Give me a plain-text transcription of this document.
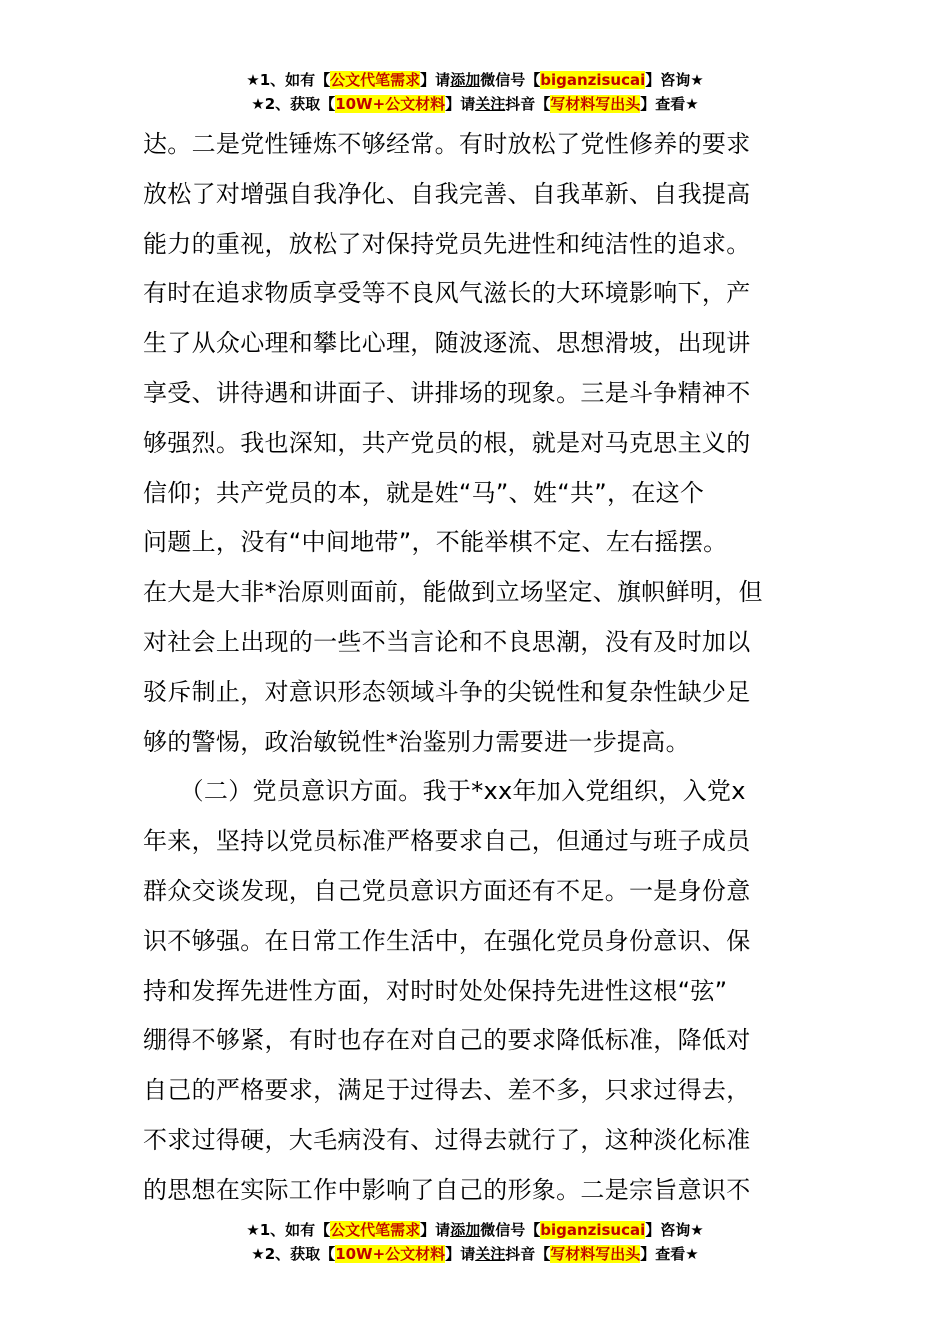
★1、如有【公文代笔需求】请添加微信号【biganzisucai】咨询★
★2、获取【10W+公文材料】请关注抖音【写材料写出头】查看★
达。二是党性锤炼不够经常。有时放松了党性修养的要求
放松了对增强自我净化、自我完善、自我革新、自我提高
能力的重视，放松了对保持党员先进性和纯洁性的追求。
有时在追求物质享受等不良风气滋长的大环境影响下，产
生了从众心理和攀比心理，随波逐流、思想滑坡，出现讲
享受、讲待遇和讲面子、讲排场的现象。三是斗争精神不
够强烈。我也深知，共产党员的根，就是对马克思主义的
信仰；共产党员的本，就是姓“马”、姓“共”，在这个
问题上，没有“中间地带”，不能举棋不定、左右摇摆。
在大是大非*治原则面前，能做到立场坚定、旗帜鲜明，但
对社会上出现的一些不当言论和不良思潮，没有及时加以
驳斥制止，对意识形态领域斗争的尖锐性和复杂性缺少足
够的警惕，政治敏锐性*治鉴别力需要进一步提高。
　　（二）党员意识方面。我于*xx年加入党组织，入党x
年来，坚持以党员标准严格要求自己，但通过与班子成员
群众交谈发现，自己党员意识方面还有不足。一是身份意
识不够强。在日常工作生活中，在强化党员身份意识、保
持和发挥先进性方面，对时时处处保持先进性这根“弦”
绷得不够紧，有时也存在对自己的要求降低标准，降低对
自己的严格要求，满足于过得去、差不多，只求过得去，
不求过得硬，大毛病没有、过得去就行了，这种淡化标准
的思想在实际工作中影响了自己的形象。二是宗旨意识不
★1、如有【公文代笔需求】请添加微信号【biganzisucai】咨询★
★2、获取【10W+公文材料】请关注抖音【写材料写出头】查看★
